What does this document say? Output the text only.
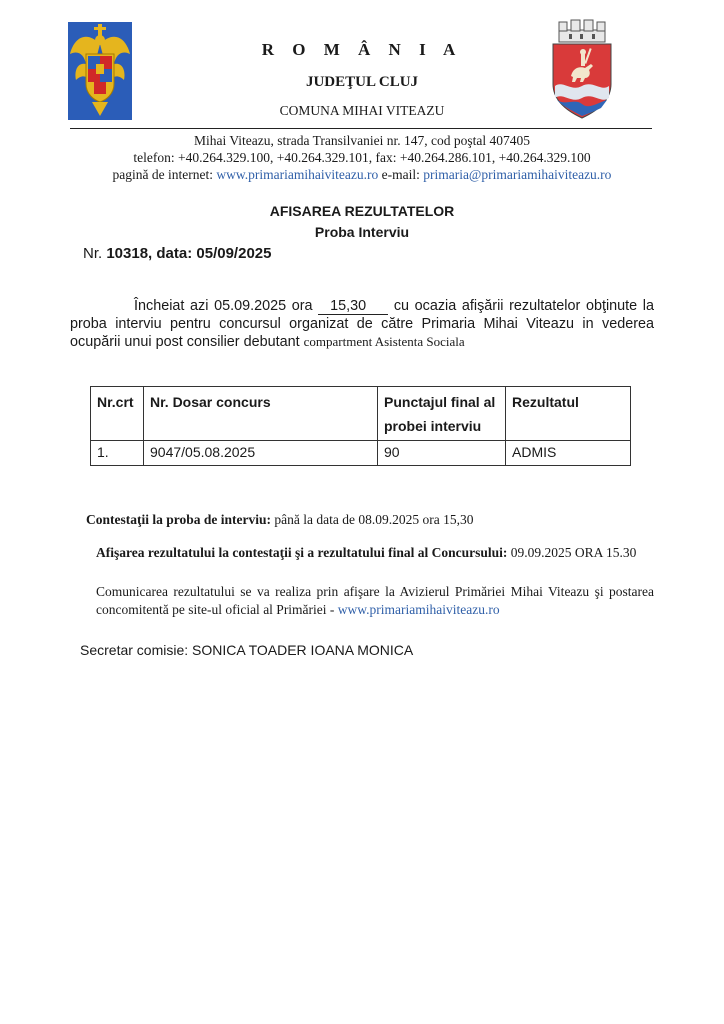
R O M Â N I A
JUDEŢUL CLUJ
COMUNA MIHAI VITEAZU
Mihai Viteazu, strada Transilvaniei nr. 147, cod poştal 407405
telefon: +40.264.329.100, +40.264.329.101, fax: +40.264.286.101, +40.264.329.100
pagină de internet: www.primariamihaiviteazu.ro e-mail: primaria@primariamihaiviteazu.ro
AFISAREA REZULTATELOR
Proba Interviu
Nr. 10318, data: 05/09/2025
Încheiat azi 05.09.2025 ora 15,30 cu ocazia afişării rezultatelor obţinute la proba interviu pentru concursul organizat de către Primaria Mihai Viteazu in vederea ocupării unui post consilier debutant compartment Asistenta Sociala
Nr.crt	Nr. Dosar concurs	Punctajul final al probei interviu	Rezultatul
1.	9047/05.08.2025	90	ADMIS
Contestaţii la proba de interviu: până la data de 08.09.2025 ora 15,30
Afişarea rezultatului la contestaţii şi a rezultatului final al Concursului: 09.09.2025 ORA 15.30
Comunicarea rezultatului se va realiza prin afişare la Avizierul Primăriei Mihai Viteazu şi postarea concomitentă pe site-ul oficial al Primăriei - www.primariamihaiviteazu.ro
Secretar comisie: SONICA TOADER IOANA MONICA
